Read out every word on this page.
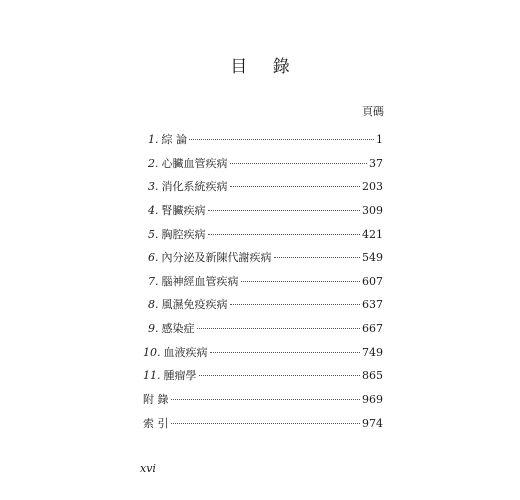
目 錄
頁碼
1. 綜 論	1
2. 心臟血管疾病	37
3. 消化系統疾病	203
4. 腎臟疾病	309
5. 胸腔疾病	421
6. 內分泌及新陳代謝疾病	549
7. 腦神經血管疾病	607
8. 風濕免疫疾病	637
9. 感染症	667
10. 血液疾病	749
11. 腫瘤學	865
附 錄	969
索 引	974
xvi
